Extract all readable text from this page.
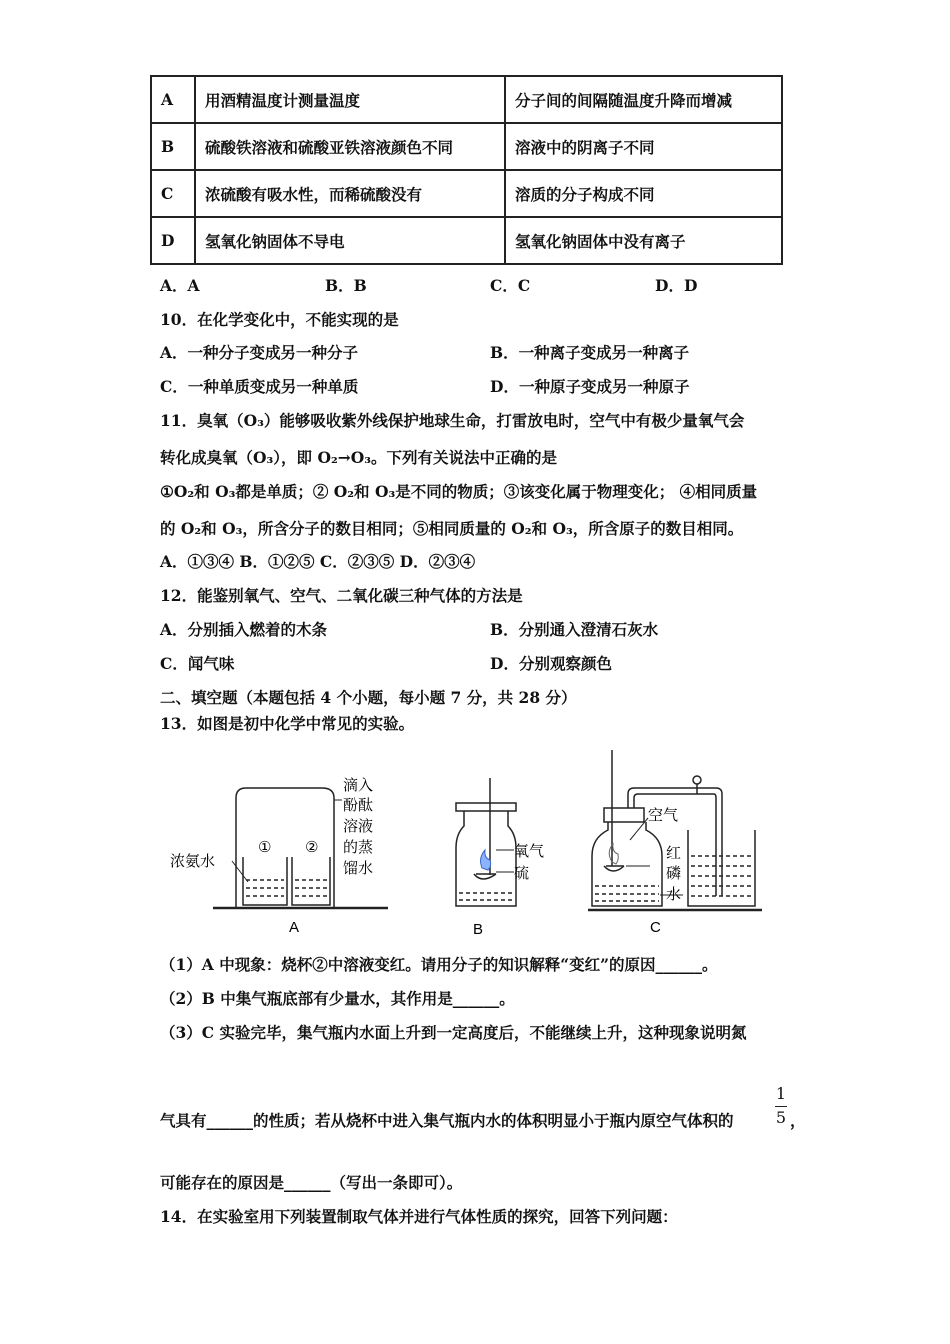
A	用酒精温度计测量温度	分子间的间隔随温度升降而增减
B	硫酸铁溶液和硫酸亚铁溶液颜色不同	溶液中的阴离子不同
C	浓硫酸有吸水性，而稀硫酸没有	溶质的分子构成不同
D	氢氧化钠固体不导电	氢氧化钠固体中没有离子
A．A	B．B	C．C	D．D
10．在化学变化中，不能实现的是
A．一种分子变成另一种分子	B．一种离子变成另一种离子
C．一种单质变成另一种单质	D．一种原子变成另一种原子
11．臭氧（O₃）能够吸收紫外线保护地球生命，打雷放电时，空气中有极少量氧气会
转化成臭氧（O₃），即 O₂→O₃。下列有关说法中正确的是
①O₂和 O₃都是单质；② O₂和 O₃是不同的物质；③该变化属于物理变化； ④相同质量
的 O₂和 O₃，所含分子的数目相同；⑤相同质量的 O₂和 O₃，所含原子的数目相同。
A．①③④ B．①②⑤ C．②③⑤ D．②③④
12．能鉴别氧气、空气、二氧化碳三种气体的方法是
A．分别插入燃着的木条	B．分别通入澄清石灰水
C．闻气味	D．分别观察颜色
二、填空题（本题包括 4 个小题，每小题 7 分，共 28 分）
13．如图是初中化学中常见的实验。
滴入
酚酞
溶液
的蒸
馏水
浓氨水
① ②
A
氧气
硫
B
空气
红
磷
水
C
（1）A 中现象：烧杯②中溶液变红。请用分子的知识解释“变红”的原因______。
（2）B 中集气瓶底部有少量水，其作用是______。
（3）C 实验完毕，集气瓶内水面上升到一定高度后，不能继续上升，这种现象说明氮
气具有______的性质；若从烧杯中进入集气瓶内水的体积明显小于瓶内原空气体积的
1
5 ，
可能存在的原因是______（写出一条即可）。
14．在实验室用下列装置制取气体并进行气体性质的探究，回答下列问题：
